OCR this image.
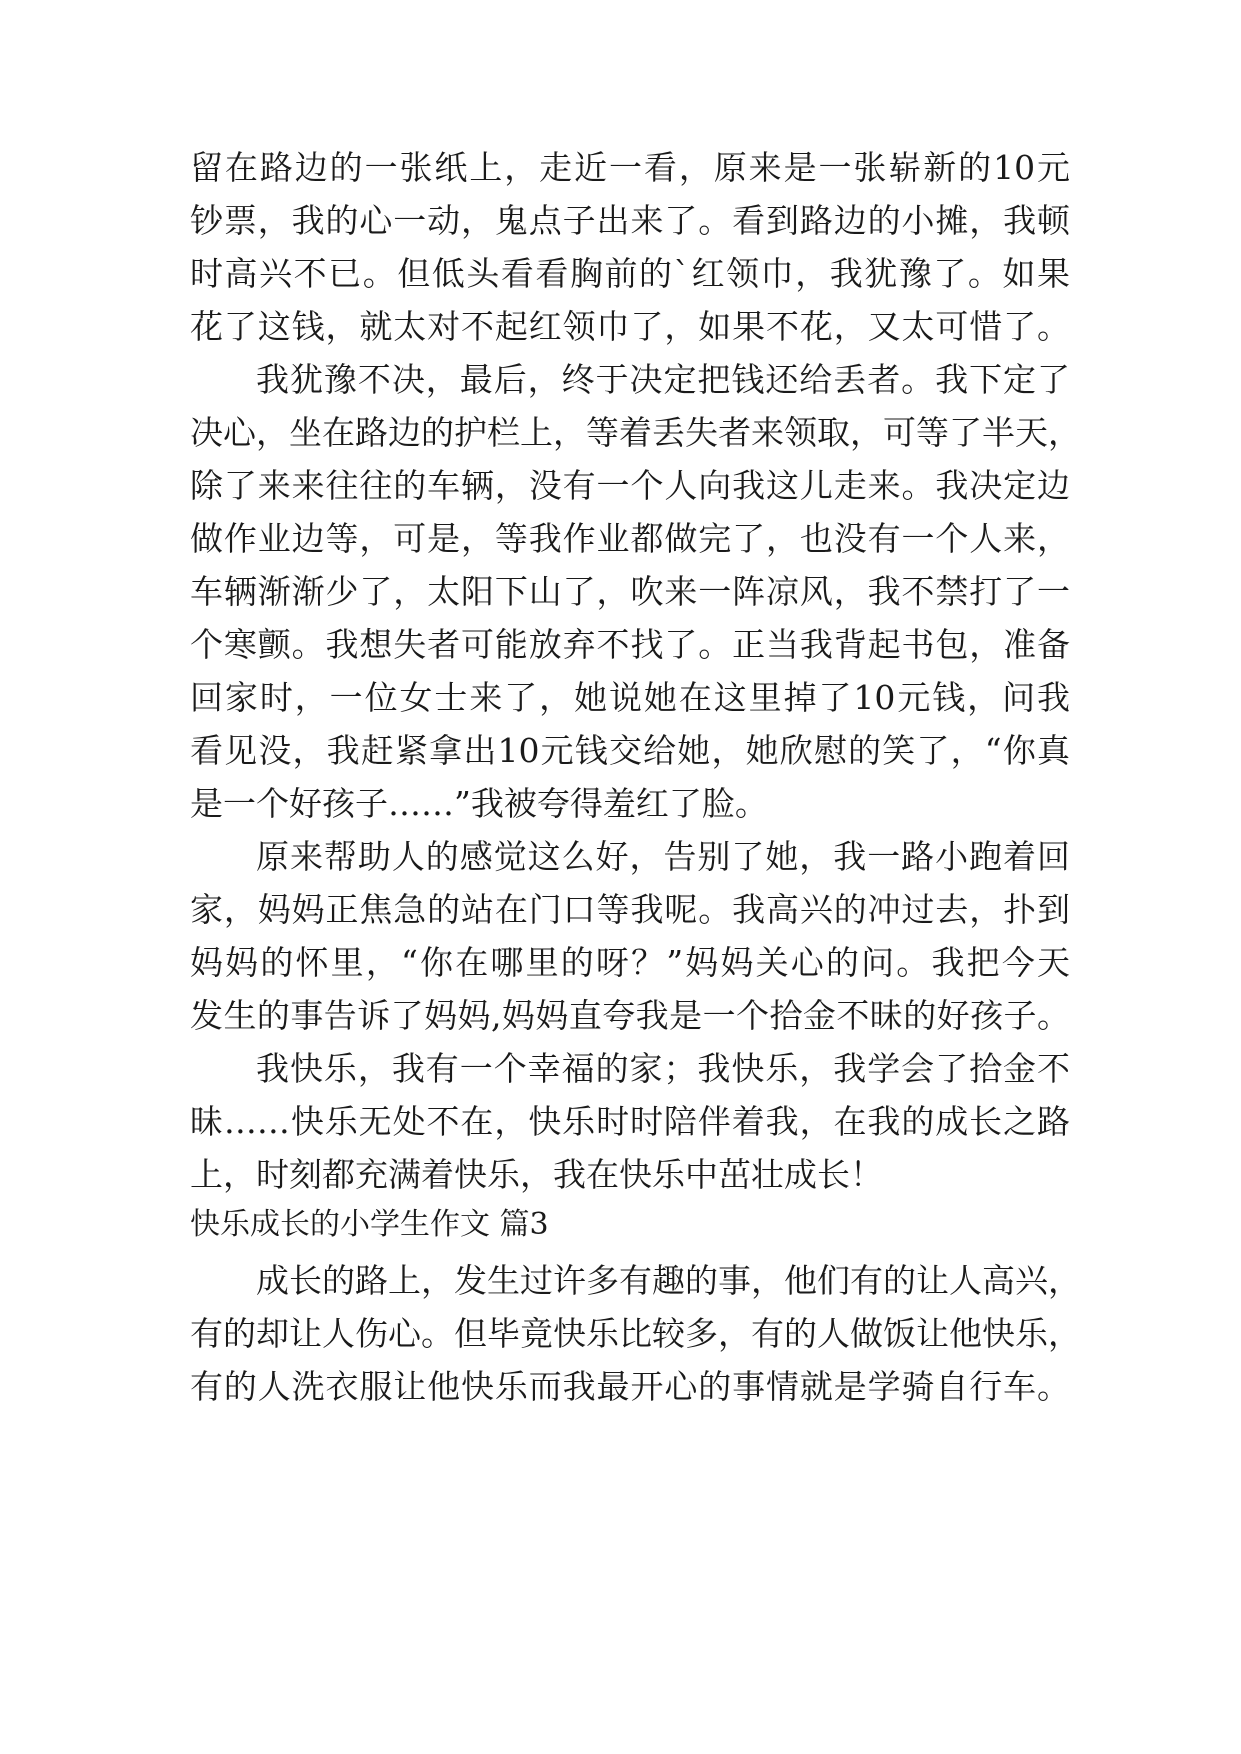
留在路边的一张纸上，走近一看，原来是一张崭新的10元
钞票，我的心一动，鬼点子出来了。看到路边的小摊，我顿
时高兴不已。但低头看看胸前的`红领巾，我犹豫了。如果
花了这钱，就太对不起红领巾了，如果不花，又太可惜了。
我犹豫不决，最后，终于决定把钱还给丢者。我下定了
决心，坐在路边的护栏上，等着丢失者来领取，可等了半天，
除了来来往往的车辆，没有一个人向我这儿走来。我决定边
做作业边等，可是，等我作业都做完了，也没有一个人来，
车辆渐渐少了，太阳下山了，吹来一阵凉风，我不禁打了一
个寒颤。我想失者可能放弃不找了。正当我背起书包，准备
回家时，一位女士来了，她说她在这里掉了10元钱，问我
看见没，我赶紧拿出10元钱交给她，她欣慰的笑了，“你真
是一个好孩子……”我被夸得羞红了脸。
原来帮助人的感觉这么好，告别了她，我一路小跑着回
家，妈妈正焦急的站在门口等我呢。我高兴的冲过去，扑到
妈妈的怀里，“你在哪里的呀？”妈妈关心的问。我把今天
发生的事告诉了妈妈,妈妈直夸我是一个拾金不昧的好孩子。
我快乐，我有一个幸福的家；我快乐，我学会了拾金不
昧……快乐无处不在，快乐时时陪伴着我，在我的成长之路
上，时刻都充满着快乐，我在快乐中茁壮成长！
快乐成长的小学生作文 篇3
成长的路上，发生过许多有趣的事，他们有的让人高兴，
有的却让人伤心。但毕竟快乐比较多，有的人做饭让他快乐，
有的人洗衣服让他快乐而我最开心的事情就是学骑自行车。
